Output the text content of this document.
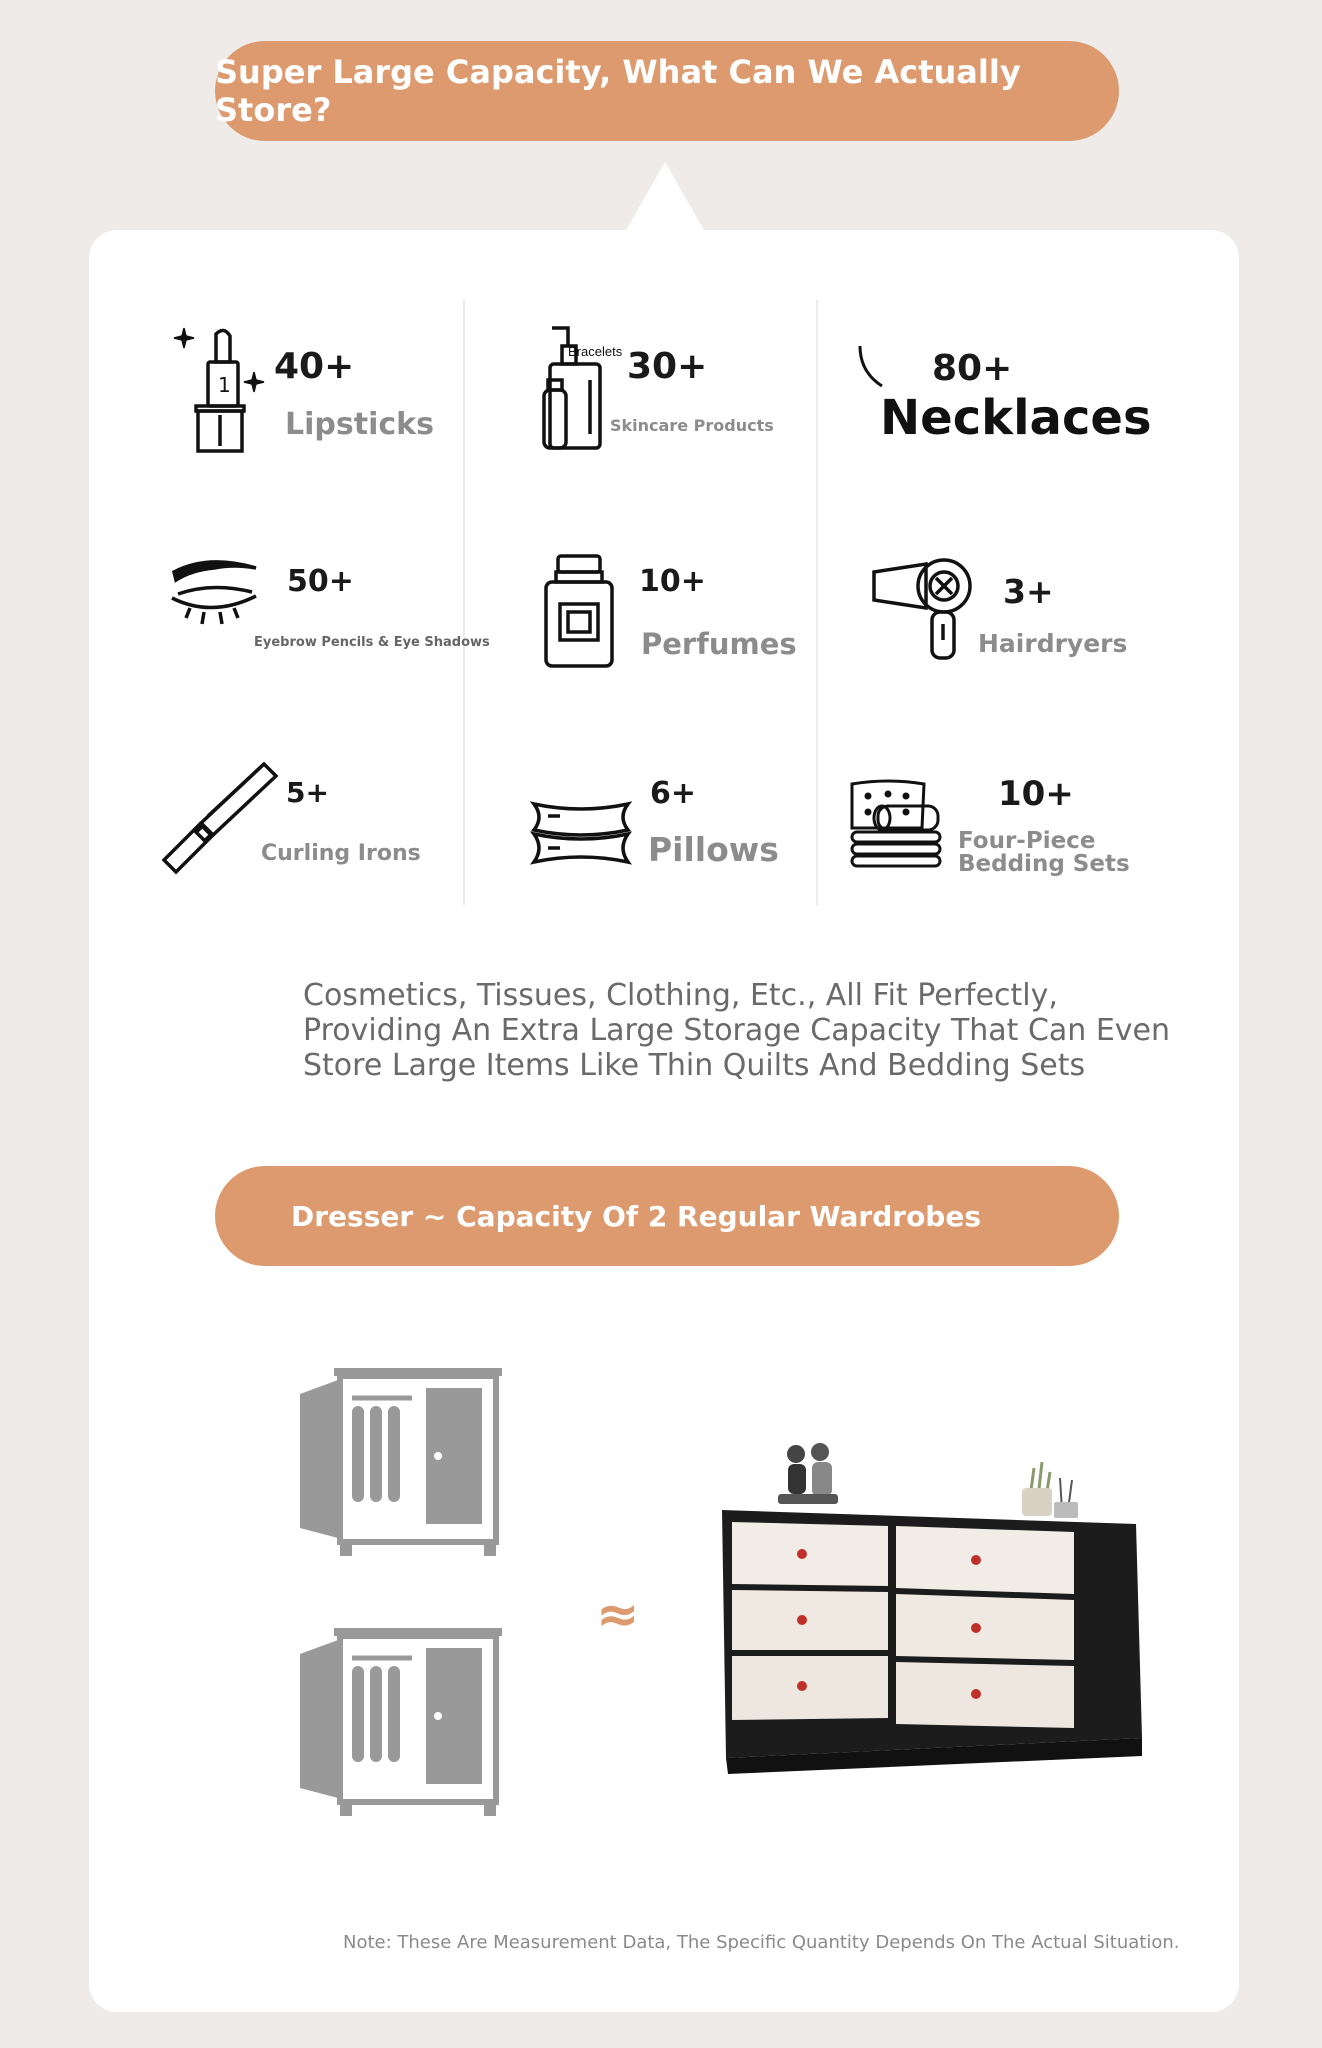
Super Large Capacity, What Can We Actually Store?
1 40+
Lipsticks
Bracelets 30+
Skincare Products
80+
Necklaces
50+
Eyebrow Pencils & Eye Shadows
10+
Perfumes
3+
Hairdryers
5+
Curling Irons
6+
Pillows
10+
Four-Piece
Bedding Sets
Cosmetics, Tissues, Clothing, Etc., All Fit Perfectly,
Providing An Extra Large Storage Capacity That Can Even
Store Large Items Like Thin Quilts And Bedding Sets
Dresser ~ Capacity Of 2 Regular Wardrobes
≈
Note: These Are Measurement Data, The Specific Quantity Depends On The Actual Situation.
